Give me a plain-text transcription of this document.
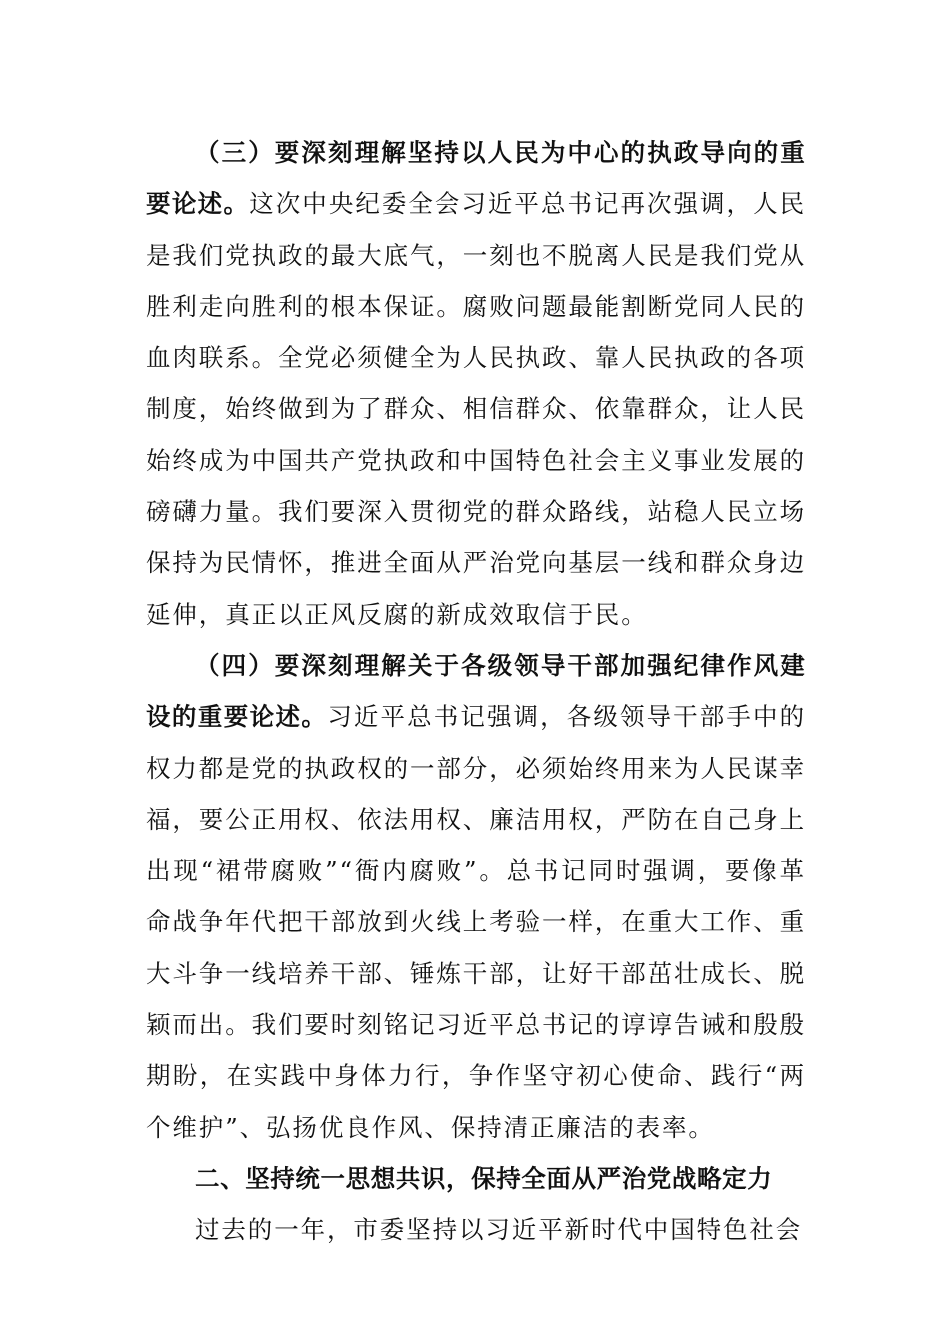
（三）要深刻理解坚持以人民为中心的执政导向的重要论述。这次中央纪委全会习近平总书记再次强调，人民是我们党执政的最大底气，一刻也不脱离人民是我们党从胜利走向胜利的根本保证。腐败问题最能割断党同人民的血肉联系。全党必须健全为人民执政、靠人民执政的各项制度，始终做到为了群众、相信群众、依靠群众，让人民始终成为中国共产党执政和中国特色社会主义事业发展的磅礴力量。我们要深入贯彻党的群众路线，站稳人民立场保持为民情怀，推进全面从严治党向基层一线和群众身边延伸，真正以正风反腐的新成效取信于民。

（四）要深刻理解关于各级领导干部加强纪律作风建设的重要论述。习近平总书记强调，各级领导干部手中的权力都是党的执政权的一部分，必须始终用来为人民谋幸福，要公正用权、依法用权、廉洁用权，严防在自己身上出现“裙带腐败”“衙内腐败”。总书记同时强调，要像革命战争年代把干部放到火线上考验一样，在重大工作、重大斗争一线培养干部、锤炼干部，让好干部茁壮成长、脱颖而出。我们要时刻铭记习近平总书记的谆谆告诫和殷殷期盼，在实践中身体力行，争作坚守初心使命、践行“两个维护”、弘扬优良作风、保持清正廉洁的表率。

二、坚持统一思想共识，保持全面从严治党战略定力

过去的一年，市委坚持以习近平新时代中国特色社会
